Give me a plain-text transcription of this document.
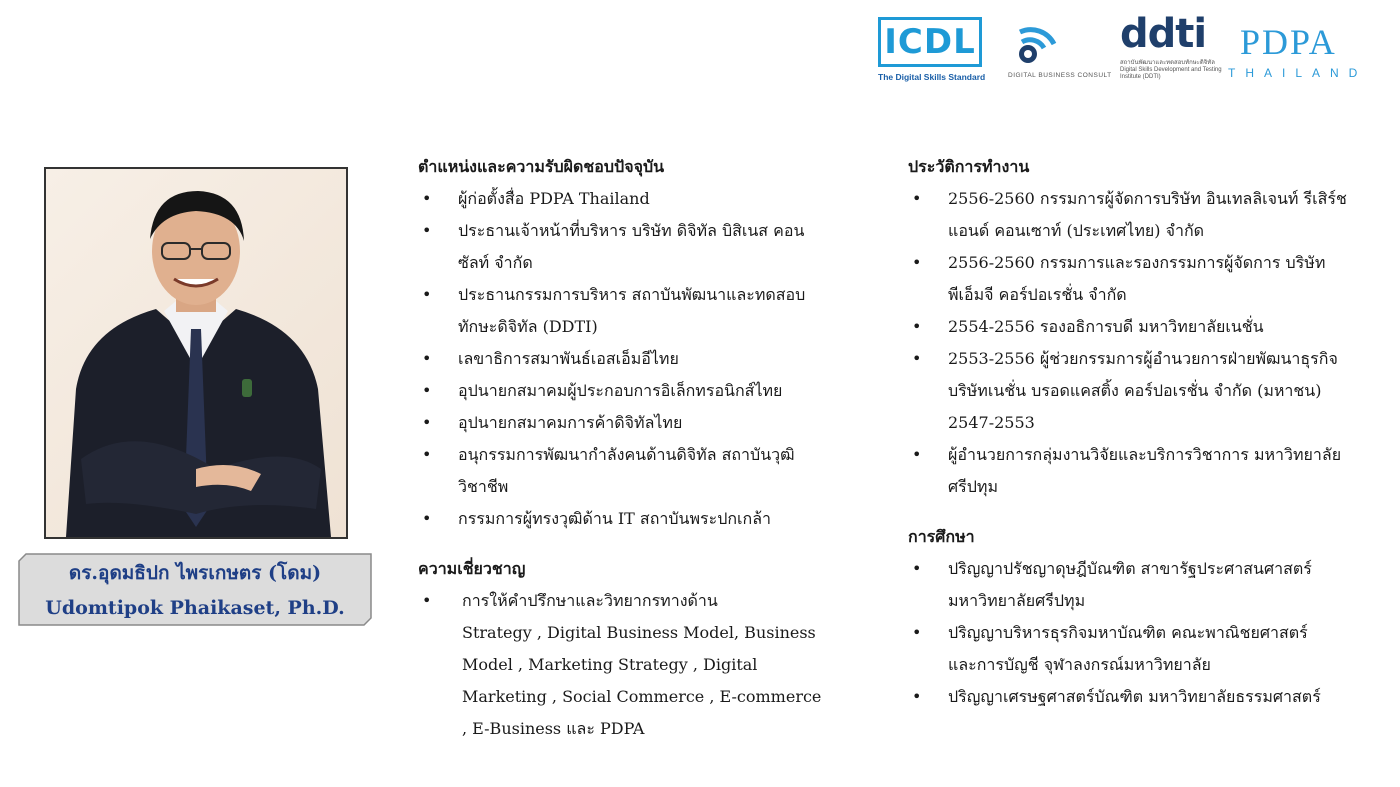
ICDL
The Digital Skills Standard	DIGITAL BUSINESS CONSULT
ddti
สถาบันพัฒนาและทดสอบทักษะดิจิทัล Digital Skills Development and Testing Institute (DDTI)
PDPA
THAILAND
ดร.อุดมธิปก ไพรเกษตร (โดม)
Udomtipok Phaikaset, Ph.D.
ตำแหน่งและความรับผิดชอบปัจจุบัน
• ผู้ก่อตั้งสื่อ PDPA Thailand
• ประธานเจ้าหน้าที่บริหาร บริษัท ดิจิทัล บิสิเนส คอน
ซัลท์ จำกัด
• ประธานกรรมการบริหาร สถาบันพัฒนาและทดสอบ
ทักษะดิจิทัล (DDTI)
• เลขาธิการสมาพันธ์เอสเอ็มอีไทย
• อุปนายกสมาคมผู้ประกอบการอิเล็กทรอนิกส์ไทย
• อุปนายกสมาคมการค้าดิจิทัลไทย
• อนุกรรมการพัฒนากำลังคนด้านดิจิทัล สถาบันวุฒิ
วิชาชีพ
• กรรมการผู้ทรงวุฒิด้าน IT สถาบันพระปกเกล้า
ความเชี่ยวชาญ
• การให้คำปรึกษาและวิทยากรทางด้าน
Strategy , Digital Business Model, Business
Model , Marketing Strategy , Digital
Marketing , Social Commerce , E-commerce
, E-Business และ PDPA
ประวัติการทำงาน
• 2556-2560 กรรมการผู้จัดการบริษัท อินเทลลิเจนท์ รีเสิร์ช
แอนด์ คอนเซาท์ (ประเทศไทย) จำกัด
• 2556-2560 กรรมการและรองกรรมการผู้จัดการ บริษัท
พีเอ็มจี คอร์ปอเรชั่น จำกัด
• 2554-2556 รองอธิการบดี มหาวิทยาลัยเนชั่น
• 2553-2556 ผู้ช่วยกรรมการผู้อำนวยการฝ่ายพัฒนาธุรกิจ
บริษัทเนชั่น บรอดแคสติ้ง คอร์ปอเรชั่น จำกัด (มหาชน)
2547-2553
• ผู้อำนวยการกลุ่มงานวิจัยและบริการวิชาการ มหาวิทยาลัย
ศรีปทุม
การศึกษา
• ปริญญาปรัชญาดุษฎีบัณฑิต สาขารัฐประศาสนศาสตร์
มหาวิทยาลัยศรีปทุม
• ปริญญาบริหารธุรกิจมหาบัณฑิต คณะพาณิชยศาสตร์
และการบัญชี จุฬาลงกรณ์มหาวิทยาลัย
• ปริญญาเศรษฐศาสตร์บัณฑิต มหาวิทยาลัยธรรมศาสตร์
